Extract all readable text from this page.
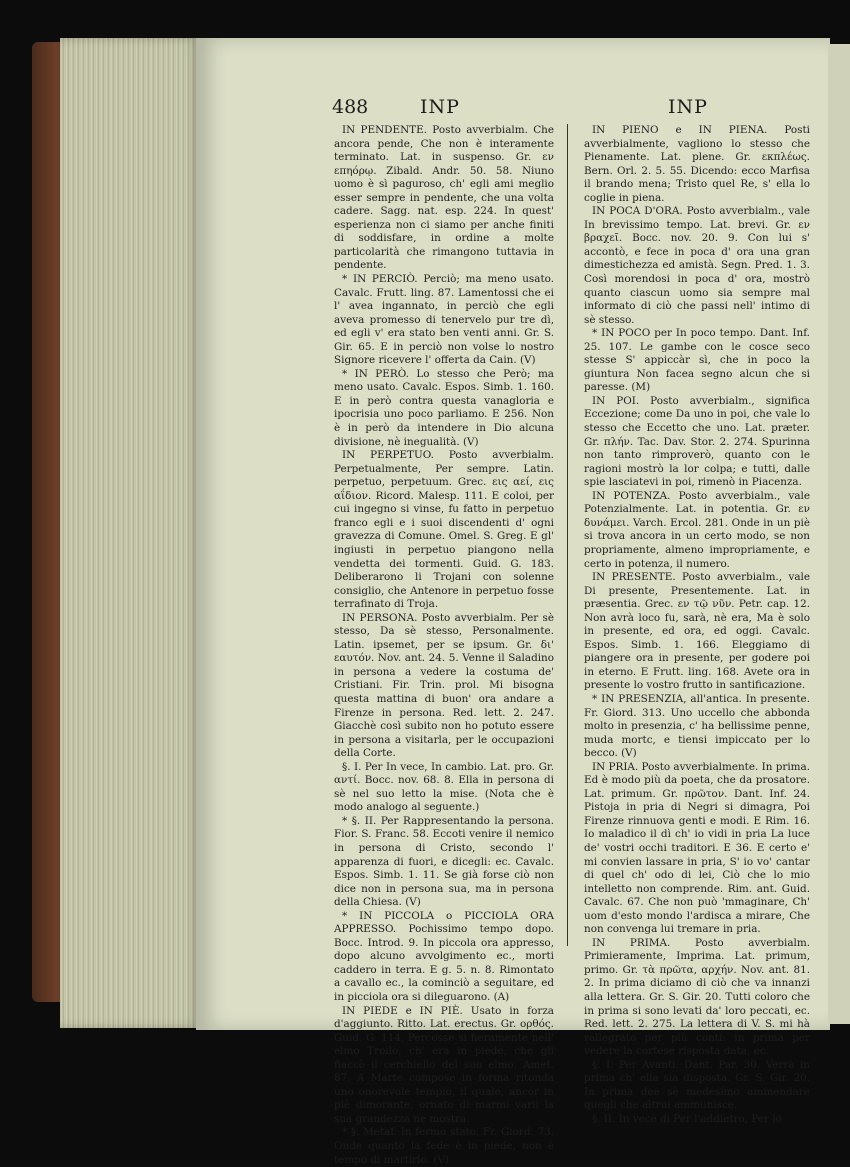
488	INP	INP

IN PENDENTE. Posto avverbialm. Che ancora pende, Che non è interamente terminato. Lat. in suspenso. Gr. εν επηόρῳ. Zibald. Andr. 50. 58. Niuno uomo è sì paguroso, ch' egli ami meglio esser sempre in pendente, che una volta cadere. Sagg. nat. esp. 224. In quest' esperienza non ci siamo per anche finiti di soddisfare, in ordine a molte particolarità che rimangono tuttavia in pendente.

* IN PERCIÒ. Perciò; ma meno usato. Cavalc. Frutt. ling. 87. Lamentossi che ei l' avea ingannato, in perciò che egli aveva promesso di tenervelo pur tre dì, ed egli v' era stato ben venti anni. Gr. S. Gir. 65. E in perciò non volse lo nostro Signore ricevere l' offerta da Cain. (V)

* IN PERÒ. Lo stesso che Però; ma meno usato. Cavalc. Espos. Simb. 1. 160. E in però contra questa vanagloria e ipocrisia uno poco parliamo. E 256. Non è in però da intendere in Dio alcuna divisione, nè inegualità. (V)

IN PERPETUO. Posto avverbialm. Perpetualmente, Per sempre. Latin. perpetuo, perpetuum. Grec. εις αεί, εις αΐδιον. Ricord. Malesp. 111. E coloi, per cui ingegno si vinse, fu fatto in perpetuo franco egli e i suoi discendenti d' ogni gravezza di Comune. Omel. S. Greg. E gl' ingiusti in perpetuo piangono nella vendetta dei tormenti. Guid. G. 183. Deliberarono li Trojani con solenne consiglio, che Antenore in perpetuo fosse terrafinato di Troja.

IN PERSONA. Posto avverbialm. Per sè stesso, Da sè stesso, Personalmente. Latin. ipsemet, per se ipsum. Gr. δι' εαυτόν. Nov. ant. 24. 5. Venne il Saladino in persona a vedere la costuma de' Cristiani. Fir. Trin. prol. Mi bisogna questa mattina di buon' ora andare a Firenze in persona. Red. lett. 2. 247. Giacchè così subito non ho potuto essere in persona a visitarla, per le occupazioni della Corte.

§. I. Per In vece, In cambio. Lat. pro. Gr. αντί. Bocc. nov. 68. 8. Ella in persona di sè nel suo letto la mise. (Nota che è modo analogo al seguente.)

* §. II. Per Rappresentando la persona. Fior. S. Franc. 58. Eccoti venire il nemico in persona di Cristo, secondo l' apparenza di fuori, e dicegli: ec. Cavalc. Espos. Simb. 1. 11. Se già forse ciò non dice non in persona sua, ma in persona della Chiesa. (V)

* IN PICCOLA o PICCIOLA ORA APPRESSO. Pochissimo tempo dopo. Bocc. Introd. 9. In piccola ora appresso, dopo alcuno avvolgimento ec., morti caddero in terra. E g. 5. n. 8. Rimontato a cavallo ec., la cominciò a seguitare, ed in picciola ora si dileguarono. (A)

IN PIEDE e IN PIÈ. Usato in forza d'aggiunto. Ritto. Lat. erectus. Gr. ορθός. Guid. G. 114. Percosse sì fieramente nell' elmo Troilo, ch' era in piede, che gli fiaccò il cerchiello del suo elmo. Amet. 87. A Marte compose in forma ritonda uno onorevole tempio, il quale, ancor in piè dimorante, ornato di marmi varii la sua grandezza ne mostra.

* §. Metaf. In fermo stato. Fr. Giord. 73. Onde quanto la fede è in piede, non è tempo di martirio. (V)

IN PIENO e IN PIENA. Posti avverbialmente, vagliono lo stesso che Pienamente. Lat. plene. Gr. εκπλέως. Bern. Orl. 2. 5. 55. Dicendo: ecco Marfisa il brando mena; Tristo quel Re, s' ella lo coglie in piena.

IN POCA D'ORA. Posto avverbialm., vale In brevissimo tempo. Lat. brevi. Gr. εν βραχεῖ. Bocc. nov. 20. 9. Con lui s' accontò, e fece in poca d' ora una gran dimestichezza ed amistà. Segn. Pred. 1. 3. Così morendosi in poca d' ora, mostrò quanto ciascun uomo sia sempre mal informato di ciò che passi nell' intimo di sè stesso.

* IN POCO per In poco tempo. Dant. Inf. 25. 107. Le gambe con le cosce seco stesse S' appiccàr sì, che in poco la giuntura Non facea segno alcun che si paresse. (M)

IN POI. Posto avverbialm., significa Eccezione; come Da uno in poi, che vale lo stesso che Eccetto che uno. Lat. præter. Gr. πλήν. Tac. Dav. Stor. 2. 274. Spurinna non tanto rimproverò, quanto con le ragioni mostrò la lor colpa; e tutti, dalle spie lasciatevi in poi, rimenò in Piacenza.

IN POTENZA. Posto avverbialm., vale Potenzialmente. Lat. in potentia. Gr. εν δυνάμει. Varch. Ercol. 281. Onde in un piè si trova ancora in un certo modo, se non propriamente, almeno impropriamente, e certo in potenza, il numero.

IN PRESENTE. Posto avverbialm., vale Di presente, Presentemente. Lat. in præsentia. Grec. εν τῷ νῦν. Petr. cap. 12. Non avrà loco fu, sarà, nè era, Ma è solo in presente, ed ora, ed oggi. Cavalc. Espos. Simb. 1. 166. Eleggiamo di piangere ora in presente, per godere poi in eterno. E Frutt. ling. 168. Avete ora in presente lo vostro frutto in santificazione.

* IN PRESENZIA, all'antica. In presente. Fr. Giord. 313. Uno uccello che abbonda molto in presenzia, c' ha bellissime penne, muda mortc, e tiensi impiccato per lo becco. (V)

IN PRIA. Posto avverbialmente. In prima. Ed è modo più da poeta, che da prosatore. Lat. primum. Gr. πρῶτον. Dant. Inf. 24. Pistoja in pria di Negri si dimagra, Poi Firenze rinnuova genti e modi. E Rim. 16. Io maladico il dì ch' io vidi in pria La luce de' vostri occhi traditori. E 36. E certo e' mi convien lassare in pria, S' io vo' cantar di quel ch' odo di lei, Ciò che lo mio intelletto non comprende. Rim. ant. Guid. Cavalc. 67. Che non può 'mmaginare, Ch' uom d'esto mondo l'ardisca a mirare, Che non convenga lui tremare in pria.

IN PRIMA. Posto avverbialm. Primieramente, Imprima. Lat. primum, primo. Gr. τὰ πρῶτα, αρχήν. Nov. ant. 81. 2. In prima diciamo di ciò che va innanzi alla lettera. Gr. S. Gir. 20. Tutti coloro che in prima si sono levati da' loro peccati, ec. Red. lett. 2. 275. La lettera di V. S. mi hà rallegrato per più conti: in prima per vedere la cortese risposta data, ec.

§. I. Per Avanti. Dant. Par. 30. Verrà in prima ch' ella sia disposta. Gr. S. Gir. 20. In prima dee sè medesimo ammendare quegli che altrui ammunisce.

§. II. In vece di Per l'addietro, Per lo
